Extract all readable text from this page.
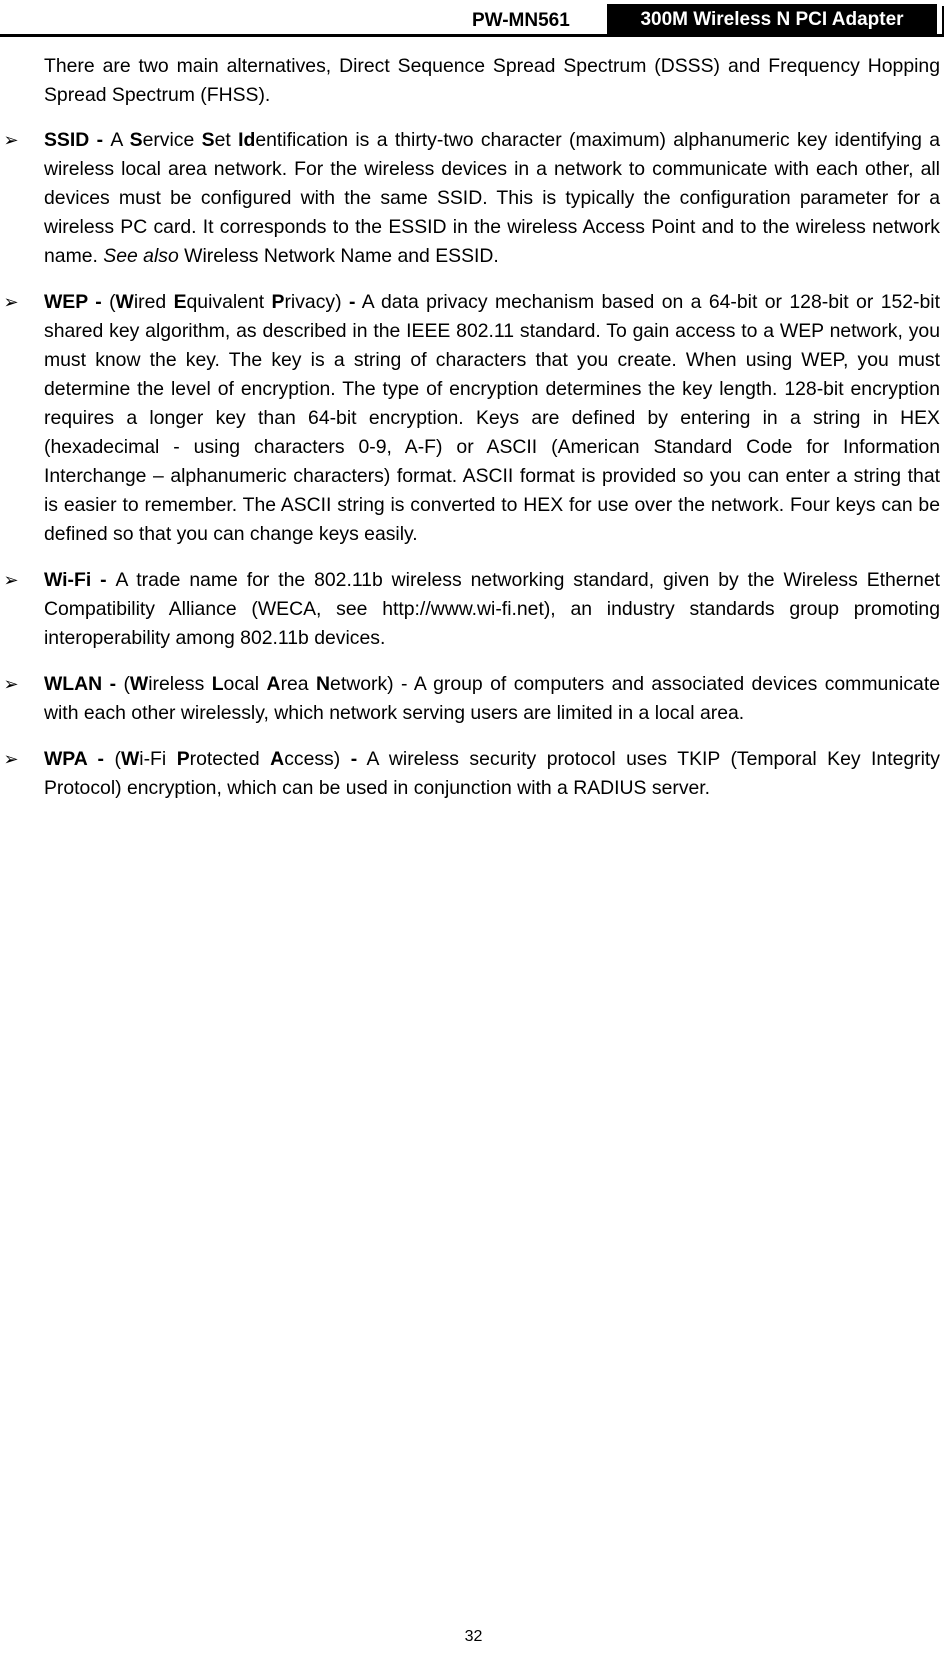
PW-MN561	300M Wireless N PCI Adapter

There are two main alternatives, Direct Sequence Spread Spectrum (DSSS) and Frequency Hopping Spread Spectrum (FHSS).

➢ SSID - A Service Set Identification is a thirty-two character (maximum) alphanumeric key identifying a wireless local area network. For the wireless devices in a network to communicate with each other, all devices must be configured with the same SSID. This is typically the configuration parameter for a wireless PC card. It corresponds to the ESSID in the wireless Access Point and to the wireless network name. See also Wireless Network Name and ESSID.

➢ WEP - (Wired Equivalent Privacy) - A data privacy mechanism based on a 64-bit or 128-bit or 152-bit shared key algorithm, as described in the IEEE 802.11 standard. To gain access to a WEP network, you must know the key. The key is a string of characters that you create. When using WEP, you must determine the level of encryption. The type of encryption determines the key length. 128-bit encryption requires a longer key than 64-bit encryption. Keys are defined by entering in a string in HEX (hexadecimal - using characters 0-9, A-F) or ASCII (American Standard Code for Information Interchange – alphanumeric characters) format. ASCII format is provided so you can enter a string that is easier to remember. The ASCII string is converted to HEX for use over the network. Four keys can be defined so that you can change keys easily.

➢ Wi-Fi - A trade name for the 802.11b wireless networking standard, given by the Wireless Ethernet Compatibility Alliance (WECA, see http://www.wi-fi.net), an industry standards group promoting interoperability among 802.11b devices.

➢ WLAN - (Wireless Local Area Network) - A group of computers and associated devices communicate with each other wirelessly, which network serving users are limited in a local area.

➢ WPA - (Wi-Fi Protected Access) - A wireless security protocol uses TKIP (Temporal Key Integrity Protocol) encryption, which can be used in conjunction with a RADIUS server.

32
